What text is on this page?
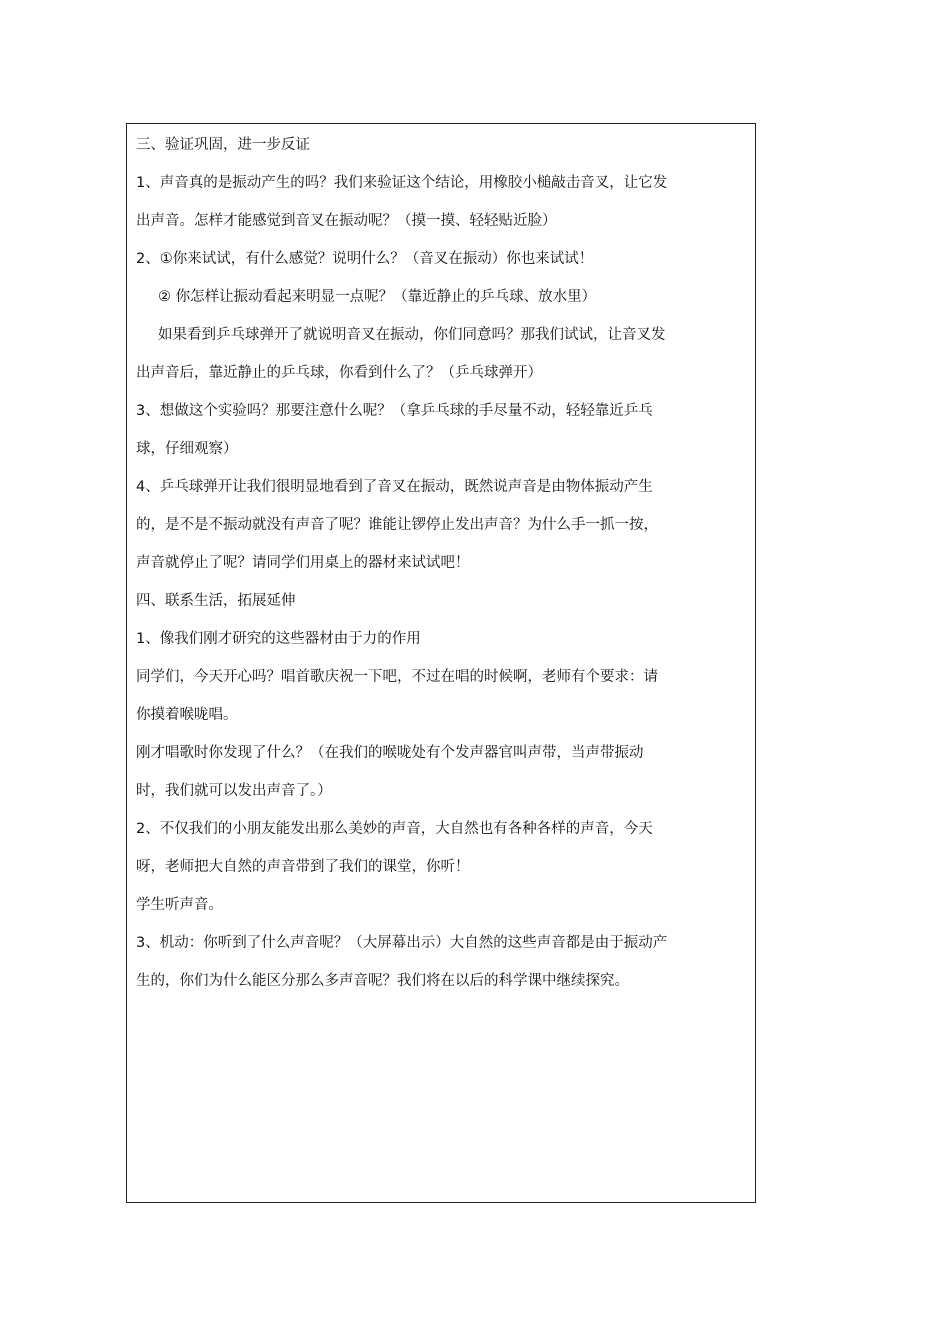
三、验证巩固，进一步反证
1、声音真的是振动产生的吗？我们来验证这个结论，用橡胶小槌敲击音叉，让它发
出声音。怎样才能感觉到音叉在振动呢？（摸一摸、轻轻贴近脸）
2、①你来试试，有什么感觉？说明什么？（音叉在振动）你也来试试！
② 你怎样让振动看起来明显一点呢？（靠近静止的乒乓球、放水里）
如果看到乒乓球弹开了就说明音叉在振动，你们同意吗？那我们试试，让音叉发
出声音后，靠近静止的乒乓球，你看到什么了？（乒乓球弹开）
3、想做这个实验吗？那要注意什么呢？（拿乒乓球的手尽量不动，轻轻靠近乒乓
球，仔细观察）
4、乒乓球弹开让我们很明显地看到了音叉在振动，既然说声音是由物体振动产生
的，是不是不振动就没有声音了呢？谁能让锣停止发出声音？为什么手一抓一按，
声音就停止了呢？请同学们用桌上的器材来试试吧！
四、联系生活，拓展延伸
1、像我们刚才研究的这些器材由于力的作用
同学们，今天开心吗？唱首歌庆祝一下吧，不过在唱的时候啊，老师有个要求：请
你摸着喉咙唱。
刚才唱歌时你发现了什么？（在我们的喉咙处有个发声器官叫声带，当声带振动
时，我们就可以发出声音了。）
2、不仅我们的小朋友能发出那么美妙的声音，大自然也有各种各样的声音，今天
呀，老师把大自然的声音带到了我们的课堂，你听！
学生听声音。
3、机动：你听到了什么声音呢？（大屏幕出示）大自然的这些声音都是由于振动产
生的，你们为什么能区分那么多声音呢？我们将在以后的科学课中继续探究。
